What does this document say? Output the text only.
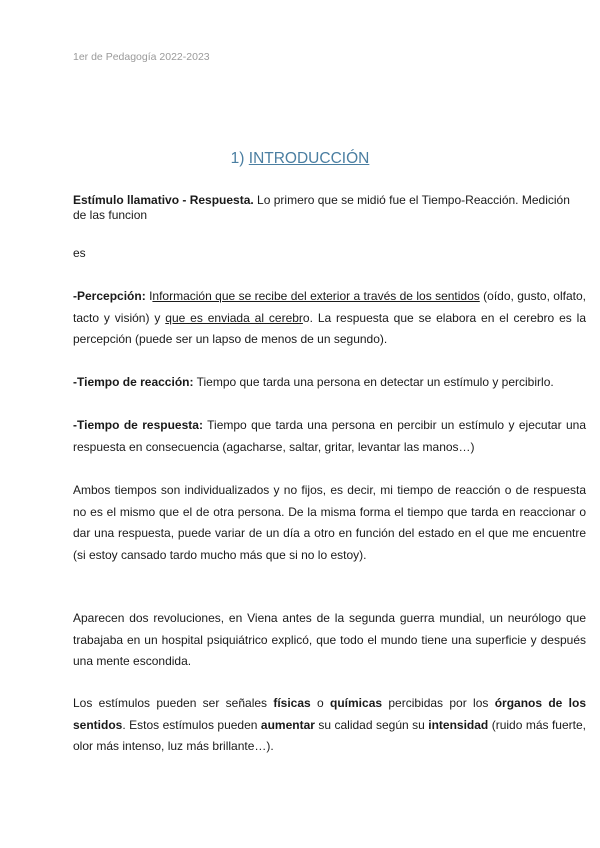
1er de Pedagogía 2022-2023
1) INTRODUCCIÓN

Estímulo llamativo - Respuesta. Lo primero que se midió fue el Tiempo-Reacción. Medición de las funcion

es

-Percepción: Información que se recibe del exterior a través de los sentidos (oído, gusto, olfato, tacto y visión) y que es enviada al cerebro. La respuesta que se elabora en el cerebro es la percepción (puede ser un lapso de menos de un segundo).

-Tiempo de reacción: Tiempo que tarda una persona en detectar un estímulo y percibirlo.

-Tiempo de respuesta: Tiempo que tarda una persona en percibir un estímulo y ejecutar una respuesta en consecuencia (agacharse, saltar, gritar, levantar las manos…)

Ambos tiempos son individualizados y no fijos, es decir, mi tiempo de reacción o de respuesta no es el mismo que el de otra persona. De la misma forma el tiempo que tarda en reaccionar o dar una respuesta, puede variar de un día a otro en función del estado en el que me encuentre (si estoy cansado tardo mucho más que si no lo estoy).

Aparecen dos revoluciones, en Viena antes de la segunda guerra mundial, un neurólogo que trabajaba en un hospital psiquiátrico explicó, que todo el mundo tiene una superficie y después una mente escondida.

Los estímulos pueden ser señales físicas o químicas percibidas por los órganos de los sentidos. Estos estímulos pueden aumentar su calidad según su intensidad (ruido más fuerte, olor más intenso, luz más brillante…).
